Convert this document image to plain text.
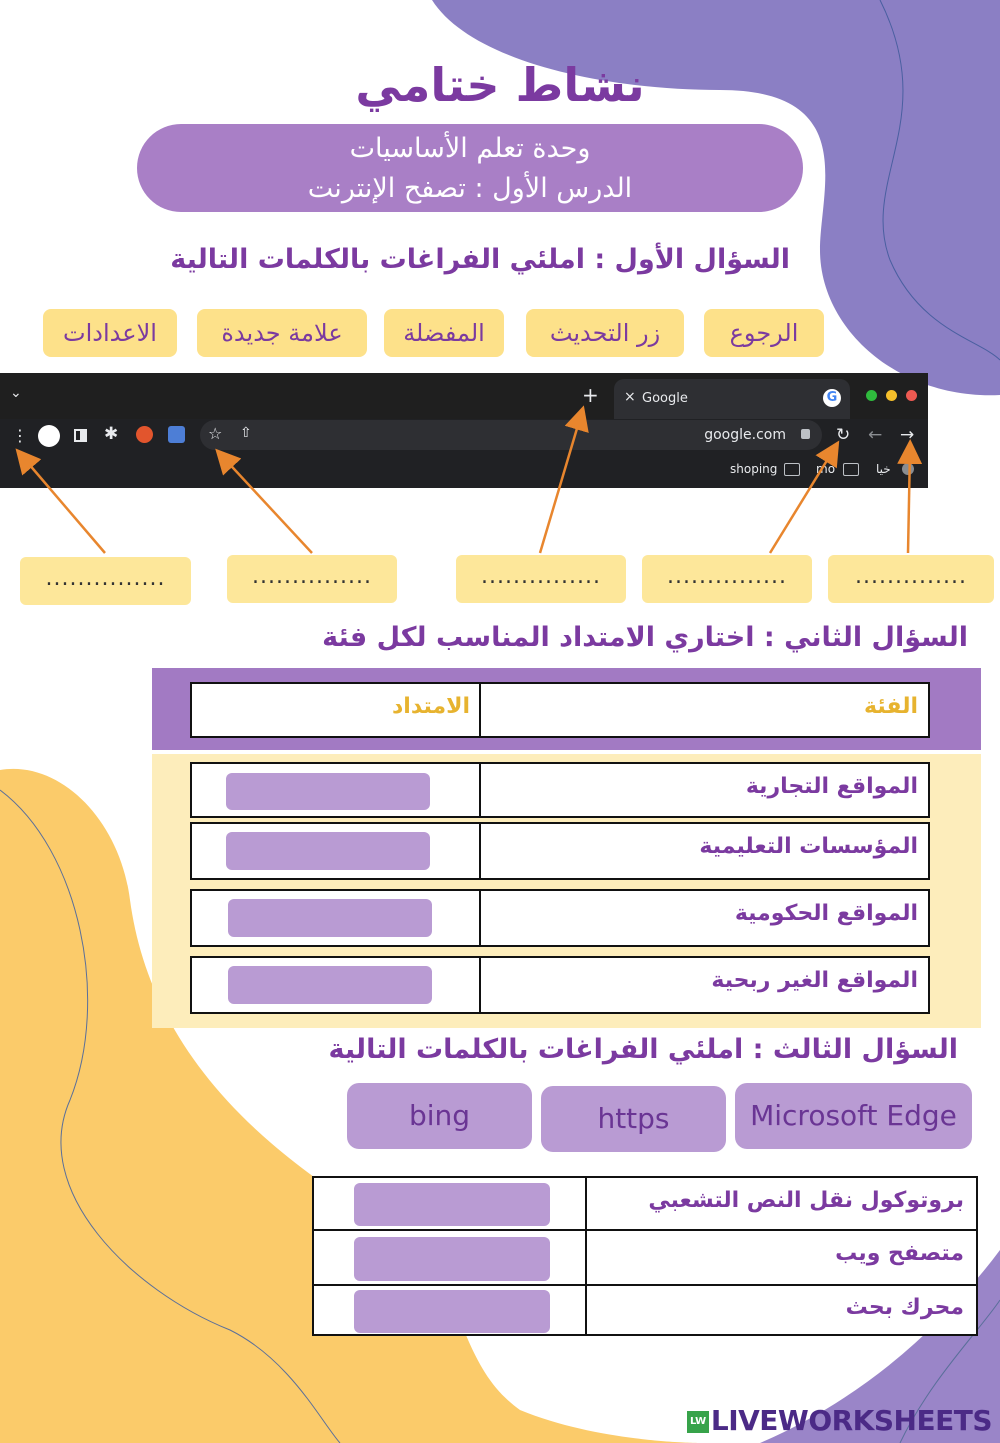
نشاط ختامي
وحدة تعلم الأساسيات
الدرس الأول : تصفح الإنترنت
السؤال الأول : املئي الفراغات بالكلمات التالية
الرجوع
زر التحديث
المفضلة
علامة جديدة
الاعدادات
⌄	+ × Google	G
⋮	✱	☆ ⇧	google.com	↻ ← →
shoping	mo	خيا
..............
...............
...............
...............
...............
السؤال الثاني : اختاري الامتداد المناسب لكل فئة
الفئة
الامتداد
المواقع التجارية
المؤسسات التعليمية
المواقع الحكومية
المواقع الغير ربحية
السؤال الثالث : املئي الفراغات بالكلمات التالية
Microsoft Edge
https
bing
بروتوكول نقل النص التشعبي
متصفح ويب
محرك بحث
LW LIVEWORKSHEETS
